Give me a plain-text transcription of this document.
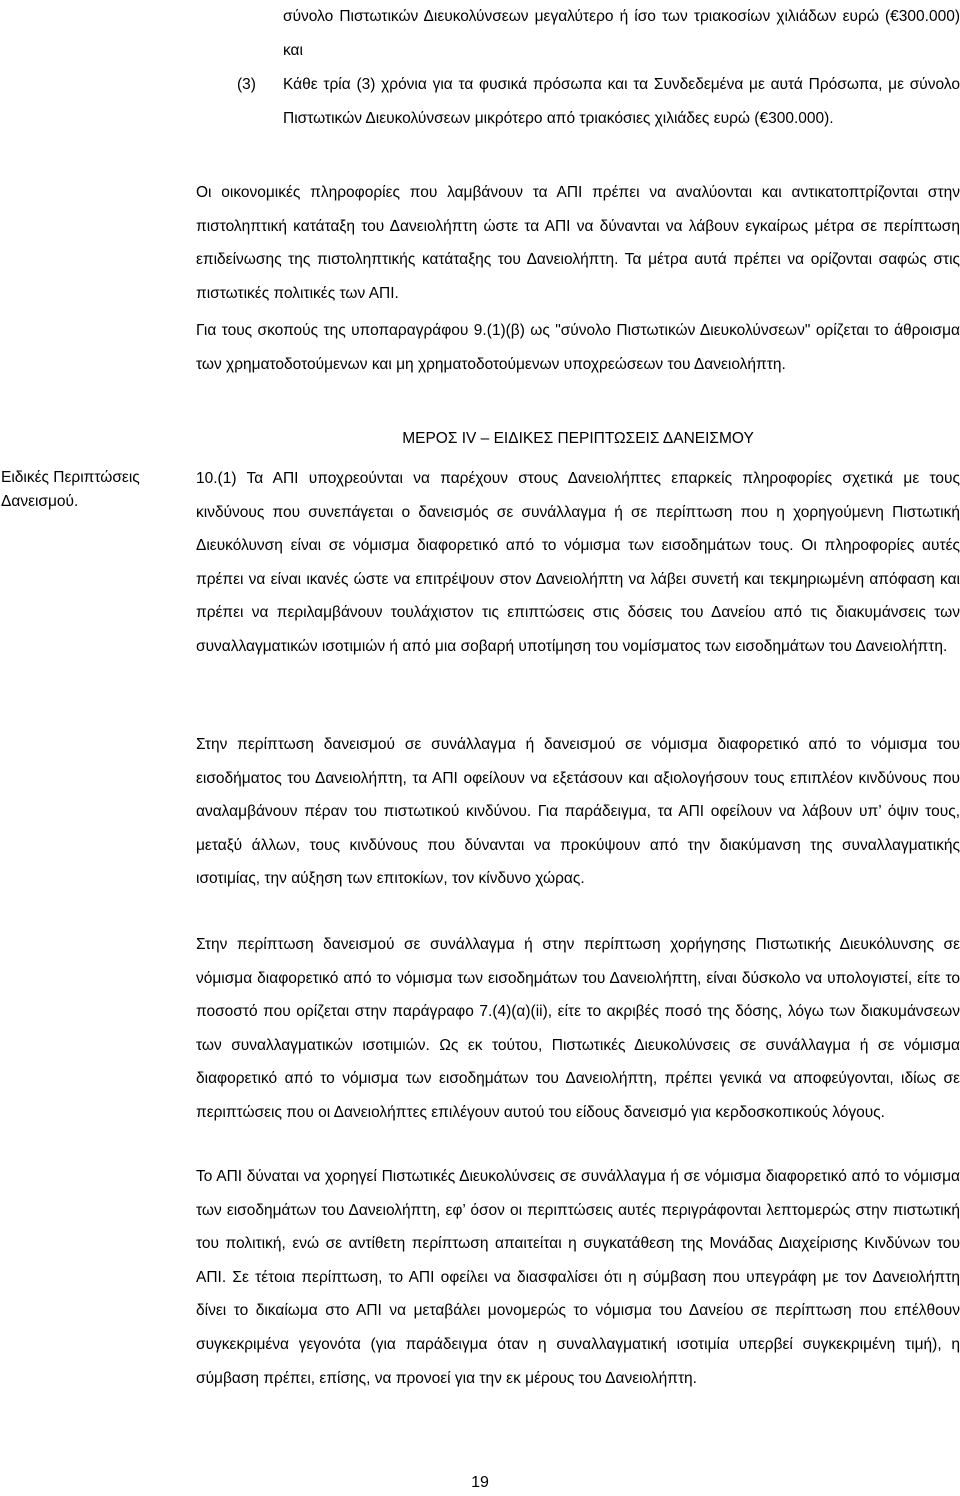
σύνολο Πιστωτικών Διευκολύνσεων μεγαλύτερο ή ίσο των τριακοσίων χιλιάδων ευρώ (€300.000) και

(3) Κάθε τρία (3) χρόνια για τα φυσικά πρόσωπα και τα Συνδεδεμένα με αυτά Πρόσωπα, με σύνολο Πιστωτικών Διευκολύνσεων μικρότερο από τριακόσιες χιλιάδες ευρώ (€300.000).

Οι οικονομικές πληροφορίες που λαμβάνουν τα ΑΠΙ πρέπει να αναλύονται και αντικατοπτρίζονται στην πιστοληπτική κατάταξη του Δανειολήπτη ώστε τα ΑΠΙ να δύνανται να λάβουν εγκαίρως μέτρα σε περίπτωση επιδείνωσης της πιστοληπτικής κατάταξης του Δανειολήπτη. Τα μέτρα αυτά πρέπει να ορίζονται σαφώς στις πιστωτικές πολιτικές των ΑΠΙ.

Για τους σκοπούς της υποπαραγράφου 9.(1)(β) ως "σύνολο Πιστωτικών Διευκολύνσεων" ορίζεται το άθροισμα των χρηματοδοτούμενων και μη χρηματοδοτούμενων υποχρεώσεων του Δανειολήπτη.

ΜΕΡΟΣ IV – ΕΙΔΙΚΕΣ ΠΕΡΙΠΤΩΣΕΙΣ ΔΑΝΕΙΣΜΟΥ
Ειδικές Περιπτώσεις Δανεισμού.

10.(1) Τα ΑΠΙ υποχρεούνται να παρέχουν στους Δανειολήπτες επαρκείς πληροφορίες σχετικά με τους κινδύνους που συνεπάγεται ο δανεισμός σε συνάλλαγμα ή σε περίπτωση που η χορηγούμενη Πιστωτική Διευκόλυνση είναι σε νόμισμα διαφορετικό από το νόμισμα των εισοδημάτων τους. Οι πληροφορίες αυτές πρέπει να είναι ικανές ώστε να επιτρέψουν στον Δανειολήπτη να λάβει συνετή και τεκμηριωμένη απόφαση και πρέπει να περιλαμβάνουν τουλάχιστον τις επιπτώσεις στις δόσεις του Δανείου από τις διακυμάνσεις των συναλλαγματικών ισοτιμιών ή από μια σοβαρή υποτίμηση του νομίσματος των εισοδημάτων του Δανειολήπτη.

Στην περίπτωση δανεισμού σε συνάλλαγμα ή δανεισμού σε νόμισμα διαφορετικό από το νόμισμα του εισοδήματος του Δανειολήπτη, τα ΑΠΙ οφείλουν να εξετάσουν και αξιολογήσουν τους επιπλέον κινδύνους που αναλαμβάνουν πέραν του πιστωτικού κινδύνου. Για παράδειγμα, τα ΑΠΙ οφείλουν να λάβουν υπ’ όψιν τους, μεταξύ άλλων, τους κινδύνους που δύνανται να προκύψουν από την διακύμανση της συναλλαγματικής ισοτιμίας, την αύξηση των επιτοκίων, τον κίνδυνο χώρας.

Στην περίπτωση δανεισμού σε συνάλλαγμα ή στην περίπτωση χορήγησης Πιστωτικής Διευκόλυνσης σε νόμισμα διαφορετικό από το νόμισμα των εισοδημάτων του Δανειολήπτη, είναι δύσκολο να υπολογιστεί, είτε το ποσοστό που ορίζεται στην παράγραφο 7.(4)(α)(ii), είτε το ακριβές ποσό της δόσης, λόγω των διακυμάνσεων των συναλλαγματικών ισοτιμιών. Ως εκ τούτου, Πιστωτικές Διευκολύνσεις σε συνάλλαγμα ή σε νόμισμα διαφορετικό από το νόμισμα των εισοδημάτων του Δανειολήπτη, πρέπει γενικά να αποφεύγονται, ιδίως σε περιπτώσεις που οι Δανειολήπτες επιλέγουν αυτού του είδους δανεισμό για κερδοσκοπικούς λόγους.

Το ΑΠΙ δύναται να χορηγεί Πιστωτικές Διευκολύνσεις σε συνάλλαγμα ή σε νόμισμα διαφορετικό από το νόμισμα των εισοδημάτων του Δανειολήπτη, εφ’ όσον οι περιπτώσεις αυτές περιγράφονται λεπτομερώς στην πιστωτική του πολιτική, ενώ σε αντίθετη περίπτωση απαιτείται η συγκατάθεση της Μονάδας Διαχείρισης Κινδύνων του ΑΠΙ. Σε τέτοια περίπτωση, το ΑΠΙ οφείλει να διασφαλίσει ότι η σύμβαση που υπεγράφη με τον Δανειολήπτη δίνει το δικαίωμα στο ΑΠΙ να μεταβάλει μονομερώς το νόμισμα του Δανείου σε περίπτωση που επέλθουν συγκεκριμένα γεγονότα (για παράδειγμα όταν η συναλλαγματική ισοτιμία υπερβεί συγκεκριμένη τιμή), η σύμβαση πρέπει, επίσης, να προνοεί για την εκ μέρους του Δανειολήπτη.

19
